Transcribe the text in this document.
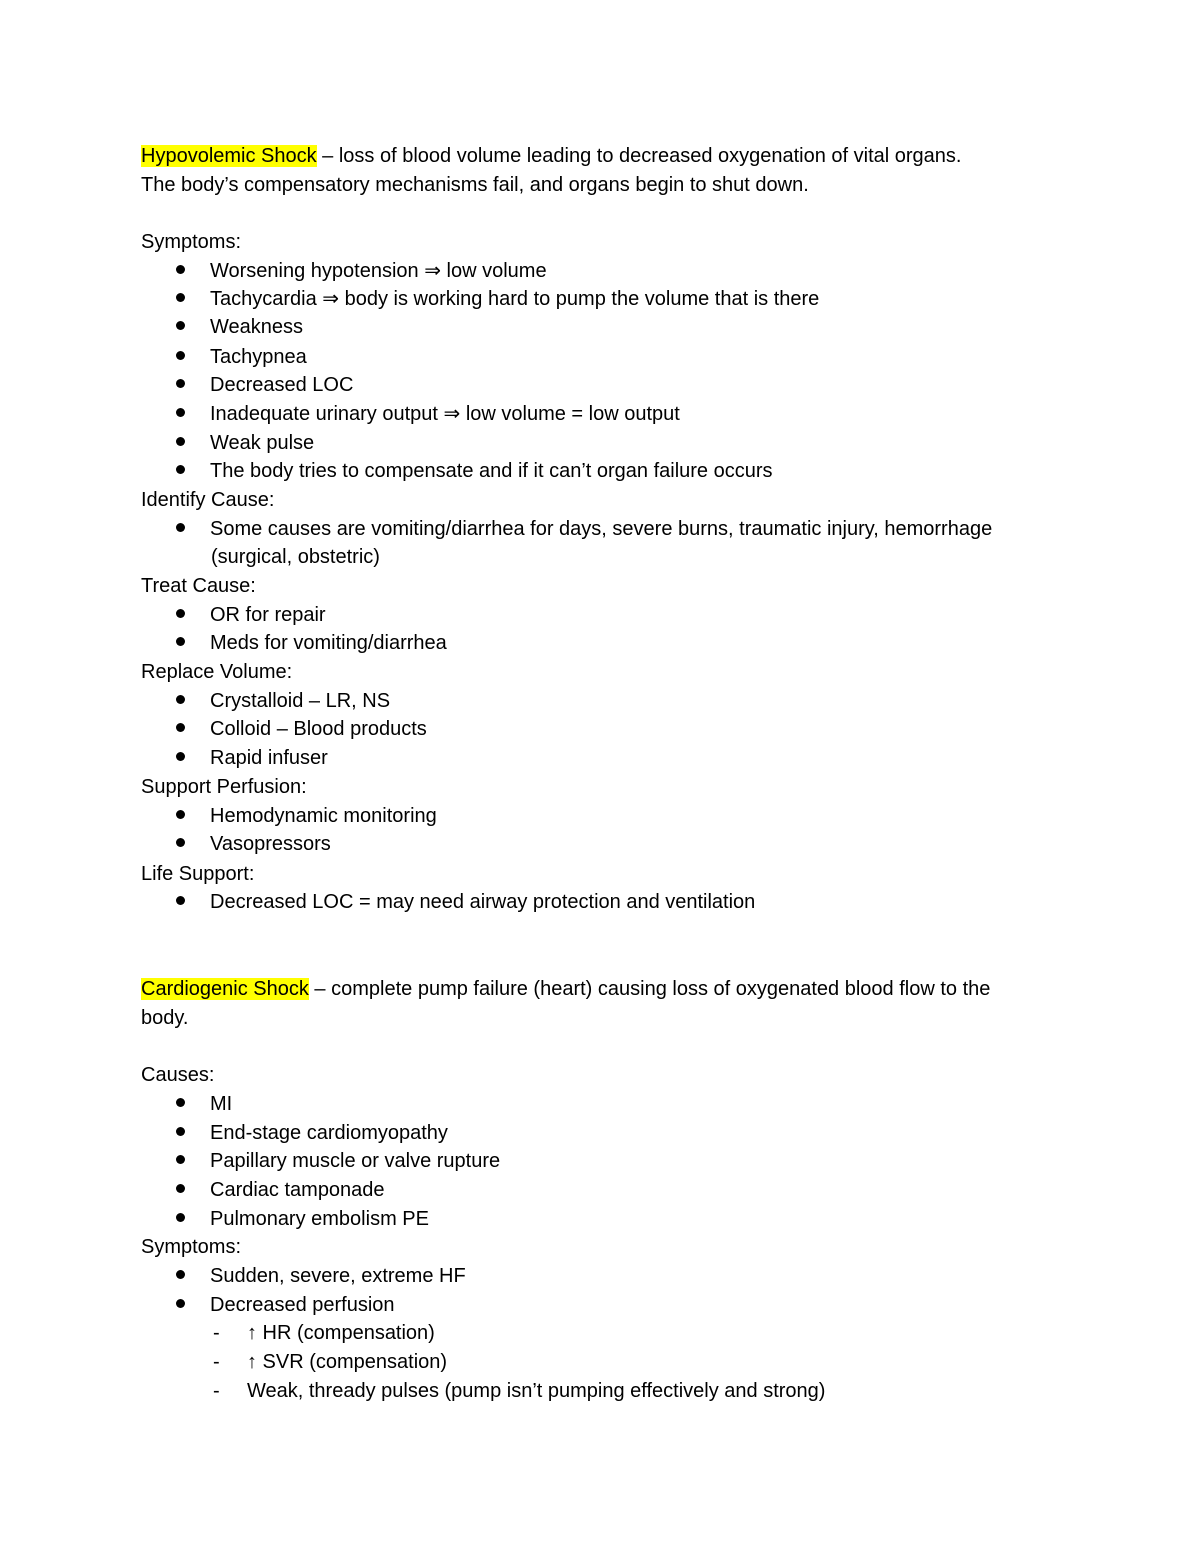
Hypovolemic Shock – loss of blood volume leading to decreased oxygenation of vital organs.
The body’s compensatory mechanisms fail, and organs begin to shut down.
Symptoms:
Worsening hypotension ⇒ low volume
Tachycardia ⇒ body is working hard to pump the volume that is there
Weakness
Tachypnea
Decreased LOC
Inadequate urinary output ⇒ low volume = low output
Weak pulse
The body tries to compensate and if it can’t organ failure occurs
Identify Cause:
Some causes are vomiting/diarrhea for days, severe burns, traumatic injury, hemorrhage
(surgical, obstetric)
Treat Cause:
OR for repair
Meds for vomiting/diarrhea
Replace Volume:
Crystalloid – LR, NS
Colloid – Blood products
Rapid infuser
Support Perfusion:
Hemodynamic monitoring
Vasopressors
Life Support:
Decreased LOC = may need airway protection and ventilation
Cardiogenic Shock – complete pump failure (heart) causing loss of oxygenated blood flow to the
body.
Causes:
MI
End-stage cardiomyopathy
Papillary muscle or valve rupture
Cardiac tamponade
Pulmonary embolism PE
Symptoms:
Sudden, severe, extreme HF
Decreased perfusion
- ↑ HR (compensation)
- ↑ SVR (compensation)
- Weak, thready pulses (pump isn’t pumping effectively and strong)
